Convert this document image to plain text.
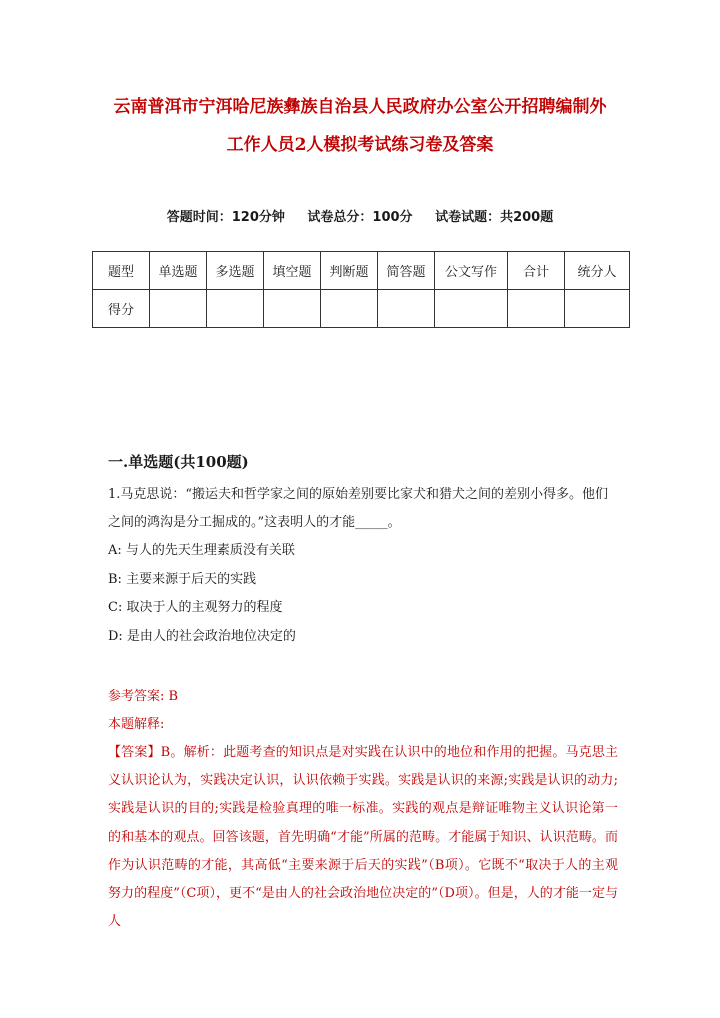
云南普洱市宁洱哈尼族彝族自治县人民政府办公室公开招聘编制外
工作人员2人模拟考试练习卷及答案
答题时间：120分钟 试卷总分：100分 试卷试题：共200题
题型	单选题	多选题	填空题	判断题	简答题	公文写作	合计	统分人
得分								
一.单选题(共100题)

1.马克思说：“搬运夫和哲学家之间的原始差别要比家犬和猎犬之间的差别小得多。他们之间的鸿沟是分工掘成的。”这表明人的才能_____。

A: 与人的先天生理素质没有关联
B: 主要来源于后天的实践
C: 取决于人的主观努力的程度
D: 是由人的社会政治地位决定的
参考答案: B
本题解释:
【答案】B。解析：此题考查的知识点是对实践在认识中的地位和作用的把握。马克思主义认识论认为，实践决定认识，认识依赖于实践。实践是认识的来源;实践是认识的动力;实践是认识的目的;实践是检验真理的唯一标准。实践的观点是辩证唯物主义认识论第一的和基本的观点。回答该题，首先明确“才能”所属的范畴。才能属于知识、认识范畴。而作为认识范畴的才能，其高低“主要来源于后天的实践”（B项）。它既不“取决于人的主观努力的程度”（C项），更不“是由人的社会政治地位决定的”（D项）。但是，人的才能一定与人
